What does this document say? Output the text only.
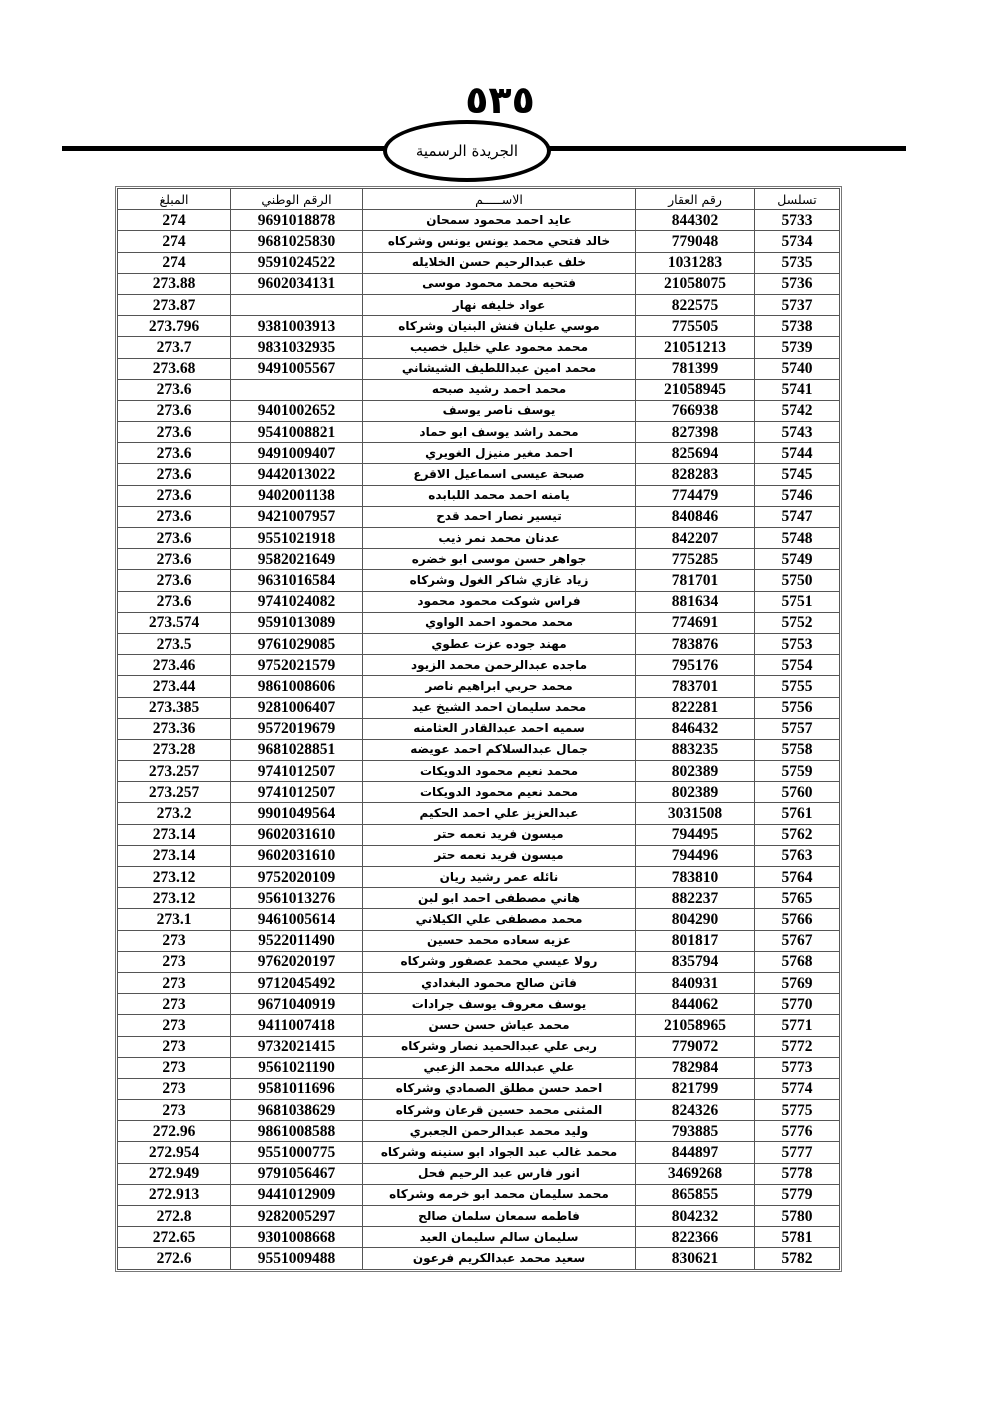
٥٣٥
الجريدة الرسمية
تسلسل	رقم العقار	الاســـــم	الرقم الوطني	المبلغ
5733	844302	عايد احمد محمود سمحان	9691018878	274
5734	779048	خالد فتحي محمد يونس يونس وشركاه	9681025830	274
5735	1031283	خلف عبدالرحيم حسن الخلايله	9591024522	274
5736	21058075	فتحيه محمد محمود موسى	9602034131	273.88
5737	822575	عواد خليفه نهار		273.87
5738	775505	موسي عليان فنش البنيان وشركاه	9381003913	273.796
5739	21051213	محمد محمود علي خليل خصيب	9831032935	273.7
5740	781399	محمد امين عبداللطيف الشيشاني	9491005567	273.68
5741	21058945	محمد احمد رشيد صبحه		273.6
5742	766938	يوسف ناصر يوسف	9401002652	273.6
5743	827398	محمد راشد يوسف ابو حماد	9541008821	273.6
5744	825694	احمد مغير منيزل الغويري	9491009407	273.6
5745	828283	صبحة عيسى اسماعيل الاقرع	9442013022	273.6
5746	774479	يامنه احمد محمد اللبابده	9402001138	273.6
5747	840846	تيسير نصار احمد قدح	9421007957	273.6
5748	842207	عدنان محمد نمر ذيب	9551021918	273.6
5749	775285	جواهر حسن موسى ابو خضره	9582021649	273.6
5750	781701	زياد غازي شاكر الغول وشركاه	9631016584	273.6
5751	881634	فراس شوكت محمود محمود	9741024082	273.6
5752	774691	محمد محمود احمد الواوي	9591013089	273.574
5753	783876	مهند جوده عزت عطوي	9761029085	273.5
5754	795176	ماجده عبدالرحمن محمد الزيود	9752021579	273.46
5755	783701	محمد حربي ابراهيم ناصر	9861008606	273.44
5756	822281	محمد سليمان احمد الشيخ عيد	9281006407	273.385
5757	846432	سميه احمد عبدالقادر العثامنه	9572019679	273.36
5758	883235	جمال عبدالسلاكم احمد عويضه	9681028851	273.28
5759	802389	محمد نعيم محمود الدويكات	9741012507	273.257
5760	802389	محمد نعيم محمود الدويكات	9741012507	273.257
5761	3031508	عبدالعزيز علي احمد الحكيم	9901049564	273.2
5762	794495	ميسون فريد نعمه حتر	9602031610	273.14
5763	794496	ميسون فريد نعمه حتر	9602031610	273.14
5764	783810	نائله عمر رشيد ريان	9752020109	273.12
5765	882237	هاني مصطفى احمد ابو لبن	9561013276	273.12
5766	804290	محمد مصطفى علي الكيلاني	9461005614	273.1
5767	801817	عزيه سعاده محمد حسين	9522011490	273
5768	835794	رولا عيسي محمد عصفور وشركاه	9762020197	273
5769	840931	فاتن صالح محمود البغدادي	9712045492	273
5770	844062	يوسف معروف يوسف جرادات	9671040919	273
5771	21058965	محمد عياش حسن حسن	9411007418	273
5772	779072	ربى علي عبدالحميد نصار وشركاه	9732021415	273
5773	782984	علي عبدالله محمد الزعبي	9561021190	273
5774	821799	احمد حسن مطلق الصمادي وشركاه	9581011696	273
5775	824326	المثنى محمد حسين قرعان وشركاه	9681038629	273
5776	793885	وليد محمد عبدالرحمن الجعبري	9861008588	272.96
5777	844897	محمد غالب عبد الجواد ابو سنينه وشركاه	9551000775	272.954
5778	3469268	انور فارس عبد الرحيم فحل	9791056467	272.949
5779	865855	محمد سليمان محمد ابو خرمه وشركاه	9441012909	272.913
5780	804232	فاطمه سمعان سلمان صالح	9282005297	272.8
5781	822366	سليمان سالم سليمان العيد	9301008668	272.65
5782	830621	سعيد محمد عبدالكريم فرعون	9551009488	272.6
